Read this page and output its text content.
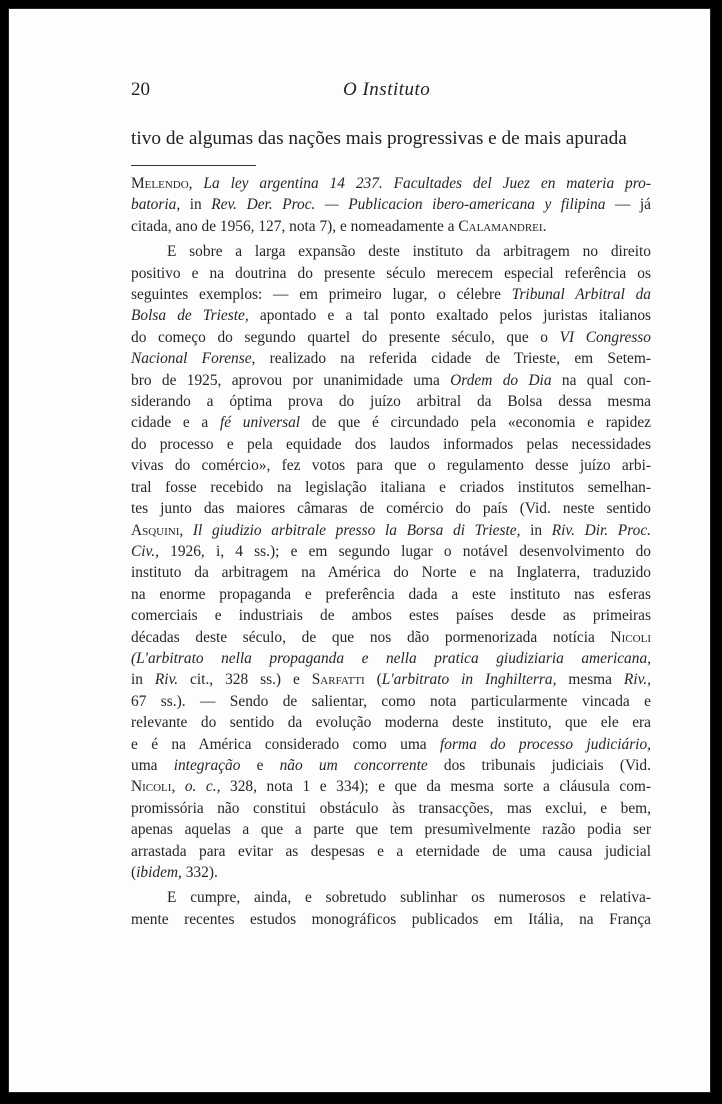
20	O Instituto
tivo de algumas das nações mais progressivas e de mais apurada

Melendo, La ley argentina 14 237. Facultades del Juez en materia pro-
batoria, in Rev. Der. Proc. — Publicacion ibero-americana y filipina — já
citada, ano de 1956, 127, nota 7), e nomeadamente a Calamandrei.

E sobre a larga expansão deste instituto da arbitragem no direito
positivo e na doutrina do presente século merecem especial referência os
seguintes exemplos: — em primeiro lugar, o célebre Tribunal Arbitral da
Bolsa de Trieste, apontado e a tal ponto exaltado pelos juristas italianos
do começo do segundo quartel do presente século, que o VI Congresso
Nacional Forense, realizado na referida cidade de Trieste, em Setem-
bro de 1925, aprovou por unanimidade uma Ordem do Dia na qual con-
siderando a óptima prova do juízo arbitral da Bolsa dessa mesma
cidade e a fé universal de que é circundado pela «economia e rapidez
do processo e pela equidade dos laudos informados pelas necessidades
vivas do comércio», fez votos para que o regulamento desse juízo arbi-
tral fosse recebido na legislação italiana e criados institutos semelhan-
tes junto das maiores câmaras de comércio do país (Vid. neste sentido
Asquini, Il giudizio arbitrale presso la Borsa di Trieste, in Riv. Dir. Proc.
Civ., 1926, i, 4 ss.); e em segundo lugar o notável desenvolvimento do
instituto da arbitragem na América do Norte e na Inglaterra, traduzido
na enorme propaganda e preferência dada a este instituto nas esferas
comerciais e industriais de ambos estes países desde as primeiras
décadas deste século, de que nos dão pormenorizada notícia Nicoli
(L'arbitrato nella propaganda e nella pratica giudiziaria americana,
in Riv. cit., 328 ss.) e Sarfatti (L'arbitrato in Inghilterra, mesma Riv.,
67 ss.). — Sendo de salientar, como nota particularmente vincada e
relevante do sentido da evolução moderna deste instituto, que ele era
e é na América considerado como uma forma do processo judiciário,
uma integração e não um concorrente dos tribunais judiciais (Vid.
Nicoli, o. c., 328, nota 1 e 334); e que da mesma sorte a cláusula com-
promissória não constitui obstáculo às transacções, mas exclui, e bem,
apenas aquelas a que a parte que tem presumìvelmente razão podia ser
arrastada para evitar as despesas e a eternidade de uma causa judicial
(ibidem, 332).

E cumpre, ainda, e sobretudo sublinhar os numerosos e relativa-
mente recentes estudos monográficos publicados em Itália, na França
